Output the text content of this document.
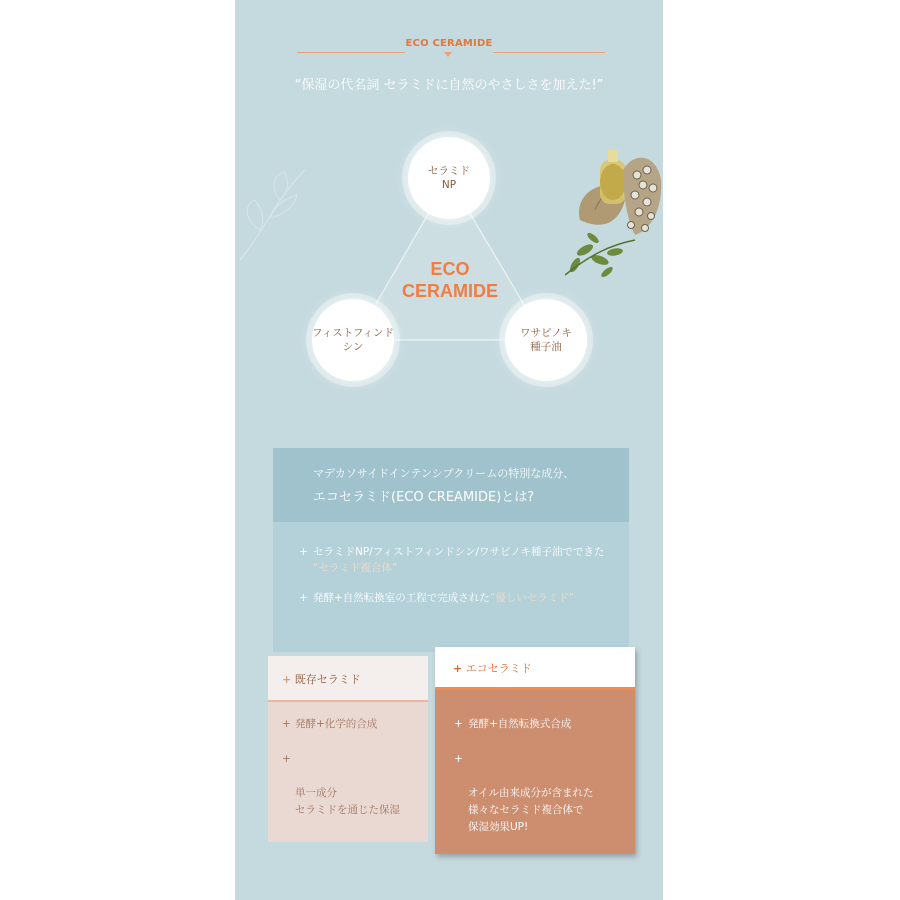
ECO CERAMIDE
“保湿の代名詞 セラミドに自然のやさしさを加えた!”
セラミド
NP
フィストフィンドシン
ワサビノキ
種子油
ECO
CERAMIDE
マデカソサイドインテンシブクリームの特別な成分、
エコセラミド(ECO CREAMIDE)とは?
+ セラミドNP/フィストフィンドシン/ワサビノキ種子油でできた
“セラミド複合体”
+ 発酵+自然転換室の工程で完成された“優しいセラミド”
+ 既存セラミド
+ 発酵+化学的合成

+

単一成分
セラミドを通じた保湿

+ エコセラミド
+ 発酵+自然転換式合成

+

オイル由来成分が含まれた
様々なセラミド複合体で
保湿効果UP!
